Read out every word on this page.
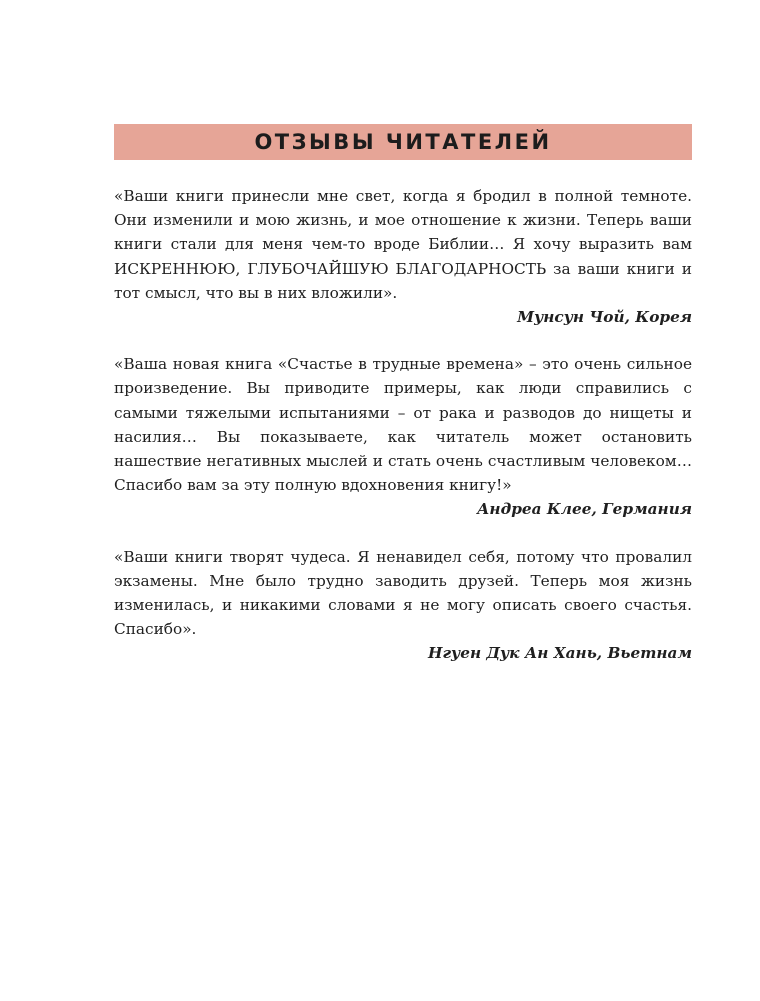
ОТЗЫВЫ ЧИТАТЕЛЕЙ

«Ваши книги принесли мне свет, когда я бродил в полной темноте. Они изменили и мою жизнь, и мое отношение к жизни. Теперь ваши книги стали для меня чем-то вроде Библии… Я хочу выразить вам ИСКРЕННЮЮ, ГЛУБОЧАЙШУЮ БЛАГОДАРНОСТЬ за ваши книги и тот смысл, что вы в них вложили».

Мунсун Чой, Корея

«Ваша новая книга «Счастье в трудные времена» – это очень сильное произведение. Вы приводите примеры, как люди справились с самыми тяжелыми испытаниями – от рака и разводов до нищеты и насилия… Вы показываете, как читатель может остановить нашествие негативных мыслей и стать очень счастливым человеком… Спасибо вам за эту полную вдохновения книгу!»

Андреа Клее, Германия

«Ваши книги творят чудеса. Я ненавидел себя, потому что провалил экзамены. Мне было трудно заводить друзей. Теперь моя жизнь изменилась, и никакими словами я не могу описать своего счастья. Спасибо».

Нгуен Дук Ан Хань, Вьетнам
